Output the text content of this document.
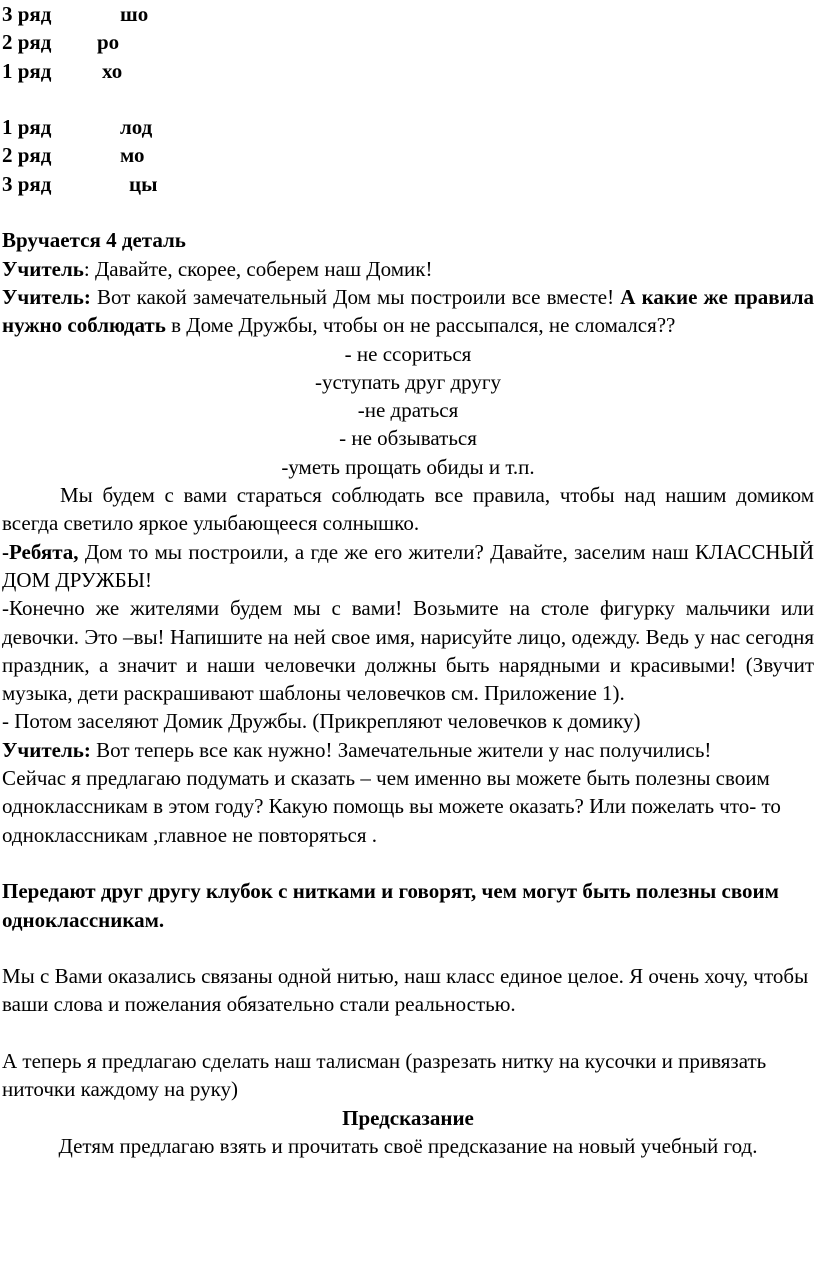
3 ряд	шо
2 ряд ро
1 ряд хо
1 ряд	лод
2 ряд	мо
3 ряд	цы

Вручается 4 деталь

Учитель: Давайте, скорее, соберем наш Домик!

Учитель: Вот какой замечательный Дом мы построили все вместе! А какие же правила нужно соблюдать в Доме Дружбы, чтобы он не рассыпался, не сломался??

- не ссориться
-уступать друг другу
-не драться
- не обзываться
-уметь прощать обиды и т.п.

Мы будем с вами стараться соблюдать все правила, чтобы над нашим домиком всегда светило яркое улыбающееся солнышко.

-Ребята, Дом то мы построили, а где же его жители? Давайте, заселим наш КЛАССНЫЙ ДОМ ДРУЖБЫ!

-Конечно же жителями будем мы с вами! Возьмите на столе фигурку мальчики или девочки. Это –вы! Напишите на ней свое имя, нарисуйте лицо, одежду. Ведь у нас сегодня праздник, а значит и наши человечки должны быть нарядными и красивыми! (Звучит музыка, дети раскрашивают шаблоны человечков см. Приложение 1).

- Потом заселяют Домик Дружбы. (Прикрепляют человечков к домику)

Учитель: Вот теперь все как нужно! Замечательные жители у нас получились!

Сейчас я предлагаю подумать и сказать – чем именно вы можете быть полезны своим одноклассникам в этом году? Какую помощь вы можете оказать? Или пожелать что- то одноклассникам ,главное не повторяться .

Передают друг другу клубок с нитками и говорят, чем могут быть полезны своим одноклассникам.

Мы с Вами оказались связаны одной нитью, наш класс единое целое. Я очень хочу, чтобы ваши слова и пожелания обязательно стали реальностью.

А теперь я предлагаю сделать наш талисман (разрезать нитку на кусочки и привязать ниточки каждому на руку)

Предсказание

Детям предлагаю взять и прочитать своё предсказание на новый учебный год.
